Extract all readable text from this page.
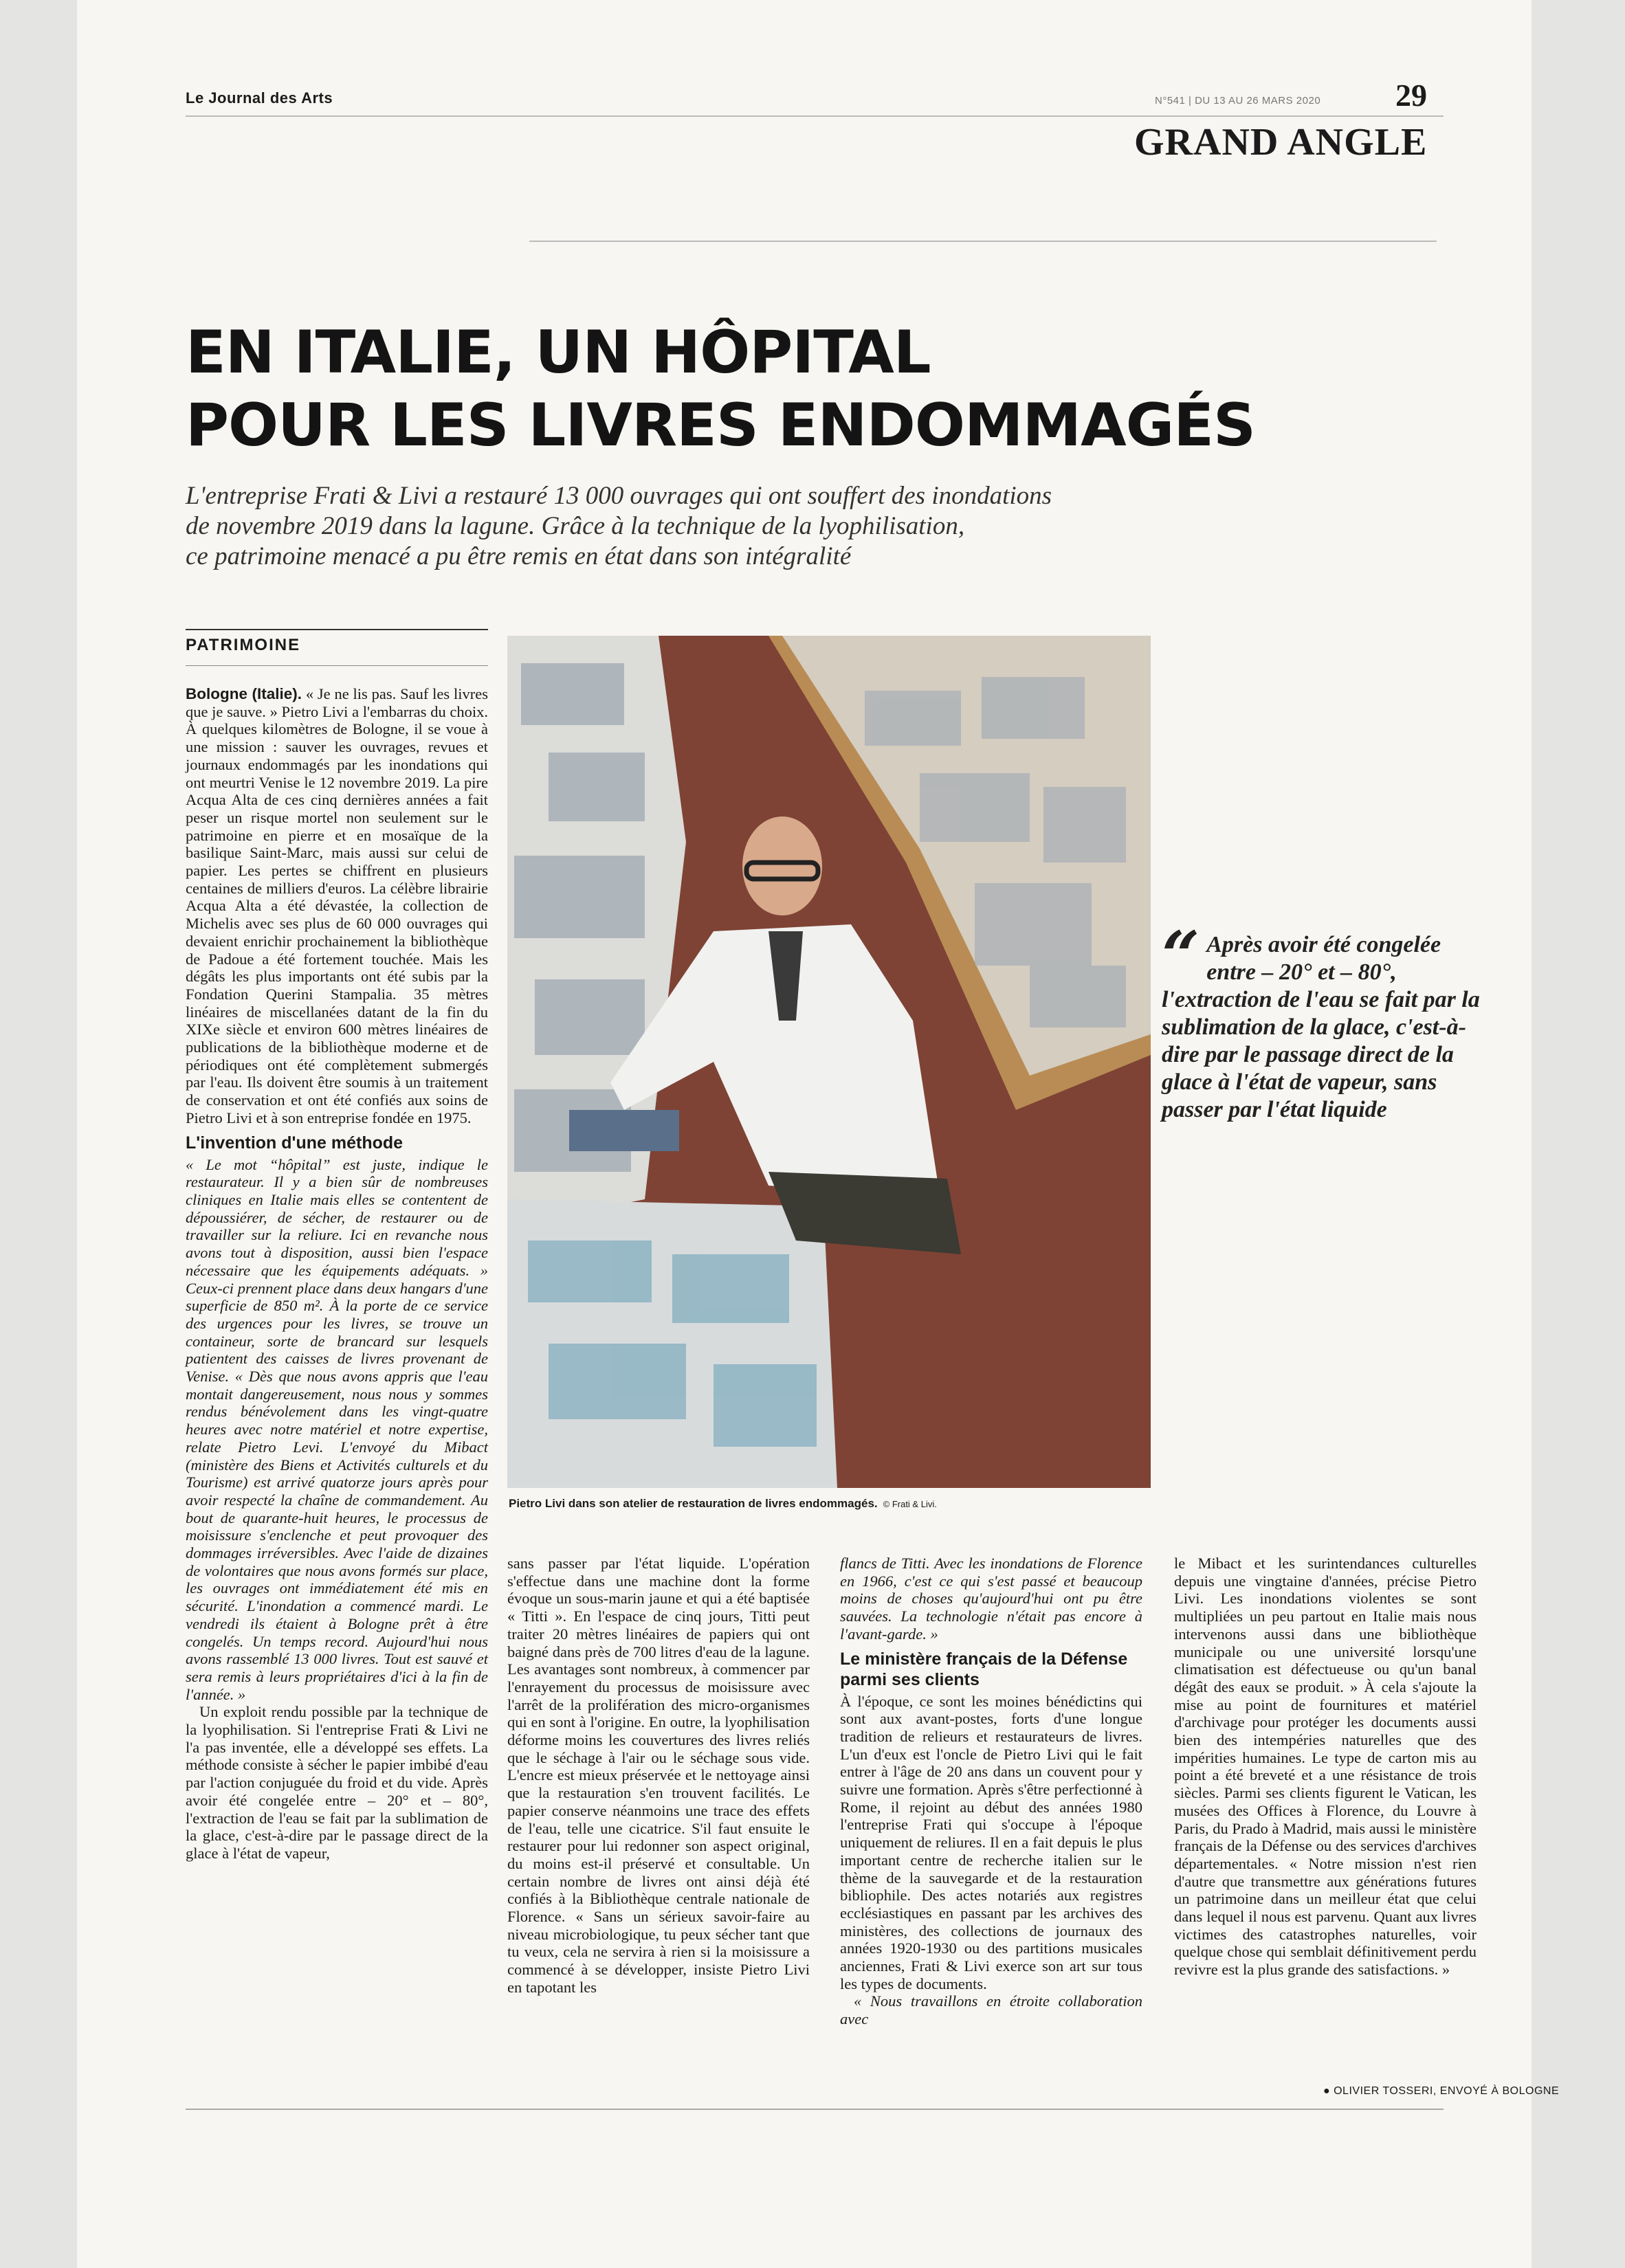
Le Journal des Arts	N°541 | DU 13 AU 26 MARS 2020 29
GRAND ANGLE
EN ITALIE, UN HÔPITAL
POUR LES LIVRES ENDOMMAGÉS
L'entreprise Frati & Livi a restauré 13 000 ouvrages qui ont souffert des inondations
de novembre 2019 dans la lagune. Grâce à la technique de la lyophilisation,
ce patrimoine menacé a pu être remis en état dans son intégralité
PATRIMOINE
Pietro Livi dans son atelier de restauration de livres endommagés. © Frati & Livi.
“ Après avoir été congelée entre – 20° et – 80°, l'extraction de l'eau se fait par la sublimation de la glace, c'est-à-dire par le passage direct de la glace à l'état de vapeur, sans passer par l'état liquide

Bologne (Italie). « Je ne lis pas. Sauf les livres que je sauve. » Pietro Livi a l'embarras du choix. À quelques kilomètres de Bologne, il se voue à une mission : sauver les ouvrages, revues et journaux endommagés par les inondations qui ont meurtri Venise le 12 novembre 2019. La pire Acqua Alta de ces cinq dernières années a fait peser un risque mortel non seulement sur le patrimoine en pierre et en mosaïque de la basilique Saint-Marc, mais aussi sur celui de papier. Les pertes se chiffrent en plusieurs centaines de milliers d'euros. La célèbre librairie Acqua Alta a été dévastée, la collection de Michelis avec ses plus de 60 000 ouvrages qui devaient enrichir prochainement la bibliothèque de Padoue a été fortement touchée. Mais les dégâts les plus importants ont été subis par la Fondation Querini Stampalia. 35 mètres linéaires de miscellanées datant de la fin du XIXe siècle et environ 600 mètres linéaires de publications de la bibliothèque moderne et de périodiques ont été complètement submergés par l'eau. Ils doivent être soumis à un traitement de conservation et ont été confiés aux soins de Pietro Livi et à son entreprise fondée en 1975.

L'invention d'une méthode

« Le mot “hôpital” est juste, indique le restaurateur. Il y a bien sûr de nombreuses cliniques en Italie mais elles se contentent de dépoussiérer, de sécher, de restaurer ou de travailler sur la reliure. Ici en revanche nous avons tout à disposition, aussi bien l'espace nécessaire que les équipements adéquats. » Ceux-ci prennent place dans deux hangars d'une superficie de 850 m². À la porte de ce service des urgences pour les livres, se trouve un containeur, sorte de brancard sur lesquels patientent des caisses de livres provenant de Venise. « Dès que nous avons appris que l'eau montait dangereusement, nous nous y sommes rendus bénévolement dans les vingt-quatre heures avec notre matériel et notre expertise, relate Pietro Levi. L'envoyé du Mibact (ministère des Biens et Activités culturels et du Tourisme) est arrivé quatorze jours après pour avoir respecté la chaîne de commandement. Au bout de quarante-huit heures, le processus de moisissure s'enclenche et peut provoquer des dommages irréversibles. Avec l'aide de dizaines de volontaires que nous avons formés sur place, les ouvrages ont immédiatement été mis en sécurité. L'inondation a commencé mardi. Le vendredi ils étaient à Bologne prêt à être congelés. Un temps record. Aujourd'hui nous avons rassemblé 13 000 livres. Tout est sauvé et sera remis à leurs propriétaires d'ici à la fin de l'année. »

Un exploit rendu possible par la technique de la lyophilisation. Si l'entreprise Frati & Livi ne l'a pas inventée, elle a développé ses effets. La méthode consiste à sécher le papier imbibé d'eau par l'action conjuguée du froid et du vide. Après avoir été congelée entre – 20° et – 80°, l'extraction de l'eau se fait par la sublimation de la glace, c'est-à-dire par le passage direct de la glace à l'état de vapeur,

sans passer par l'état liquide. L'opération s'effectue dans une machine dont la forme évoque un sous-marin jaune et qui a été baptisée « Titti ». En l'espace de cinq jours, Titti peut traiter 20 mètres linéaires de papiers qui ont baigné dans près de 700 litres d'eau de la lagune. Les avantages sont nombreux, à commencer par l'enrayement du processus de moisissure avec l'arrêt de la prolifération des micro-organismes qui en sont à l'origine. En outre, la lyophilisation déforme moins les couvertures des livres reliés que le séchage à l'air ou le séchage sous vide. L'encre est mieux préservée et le nettoyage ainsi que la restauration s'en trouvent facilités. Le papier conserve néanmoins une trace des effets de l'eau, telle une cicatrice. S'il faut ensuite le restaurer pour lui redonner son aspect original, du moins est-il préservé et consultable. Un certain nombre de livres ont ainsi déjà été confiés à la Bibliothèque centrale nationale de Florence. « Sans un sérieux savoir-faire au niveau microbiologique, tu peux sécher tant que tu veux, cela ne servira à rien si la moisissure a commencé à se développer, insiste Pietro Livi en tapotant les

flancs de Titti. Avec les inondations de Florence en 1966, c'est ce qui s'est passé et beaucoup moins de choses qu'aujourd'hui ont pu être sauvées. La technologie n'était pas encore à l'avant-garde. »

Le ministère français de la Défense parmi ses clients

À l'époque, ce sont les moines bénédictins qui sont aux avant-postes, forts d'une longue tradition de relieurs et restaurateurs de livres. L'un d'eux est l'oncle de Pietro Livi qui le fait entrer à l'âge de 20 ans dans un couvent pour y suivre une formation. Après s'être perfectionné à Rome, il rejoint au début des années 1980 l'entreprise Frati qui s'occupe à l'époque uniquement de reliures. Il en a fait depuis le plus important centre de recherche italien sur le thème de la sauvegarde et de la restauration bibliophile. Des actes notariés aux registres ecclésiastiques en passant par les archives des ministères, des collections de journaux des années 1920-1930 ou des partitions musicales anciennes, Frati & Livi exerce son art sur tous les types de documents.

« Nous travaillons en étroite collaboration avec

le Mibact et les surintendances culturelles depuis une vingtaine d'années, précise Pietro Livi. Les inondations violentes se sont multipliées un peu partout en Italie mais nous intervenons aussi dans une bibliothèque municipale ou une université lorsqu'une climatisation est défectueuse ou qu'un banal dégât des eaux se produit. » À cela s'ajoute la mise au point de fournitures et matériel d'archivage pour protéger les documents aussi bien des intempéries naturelles que des impérities humaines. Le type de carton mis au point a été breveté et a une résistance de trois siècles. Parmi ses clients figurent le Vatican, les musées des Offices à Florence, du Louvre à Paris, du Prado à Madrid, mais aussi le ministère français de la Défense ou des services d'archives départementales. « Notre mission n'est rien d'autre que transmettre aux générations futures un patrimoine dans un meilleur état que celui dans lequel il nous est parvenu. Quant aux livres victimes des catastrophes naturelles, voir quelque chose qui semblait définitivement perdu revivre est la plus grande des satisfactions. »

● OLIVIER TOSSERI, ENVOYÉ À BOLOGNE
